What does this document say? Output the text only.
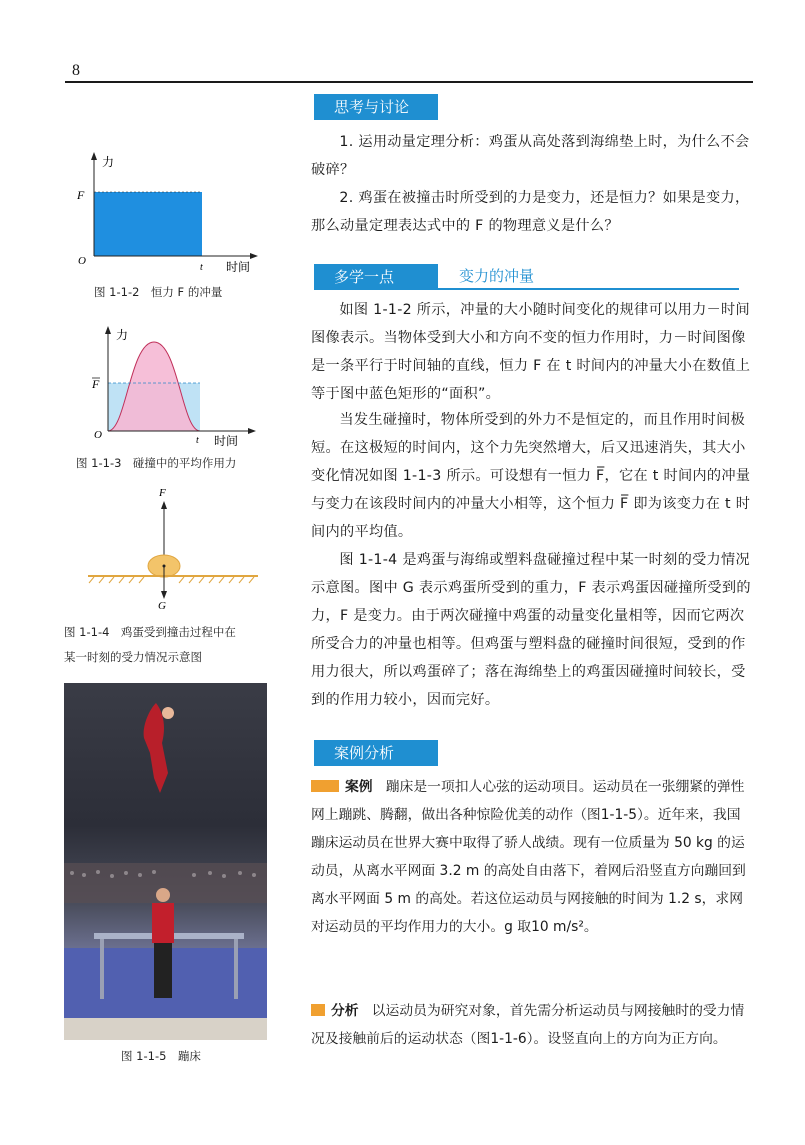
8
力
F
O
t 时间
图 1-1-2　恒力 F 的冲量
力
F
O	t 时间
图 1-1-3　碰撞中的平均作用力
F
G
图 1-1-4　鸡蛋受到撞击过程中在
某一时刻的受力情况示意图
图 1-1-5　蹦床
思考与讨论

1. 运用动量定理分析：鸡蛋从高处落到海绵垫上时，为什么不会破碎？

2. 鸡蛋在被撞击时所受到的力是变力，还是恒力？如果是变力，那么动量定理表达式中的 F 的物理意义是什么？

多学一点	变力的冲量

如图 1-1-2 所示，冲量的大小随时间变化的规律可以用力－时间图像表示。当物体受到大小和方向不变的恒力作用时，力－时间图像是一条平行于时间轴的直线，恒力 F 在 t 时间内的冲量大小在数值上等于图中蓝色矩形的“面积”。

当发生碰撞时，物体所受到的外力不是恒定的，而且作用时间极短。在这极短的时间内，这个力先突然增大，后又迅速消失，其大小变化情况如图 1-1-3 所示。可设想有一恒力 F̅，它在 t 时间内的冲量与变力在该段时间内的冲量大小相等，这个恒力 F̅ 即为该变力在 t 时间内的平均值。

图 1-1-4 是鸡蛋与海绵或塑料盘碰撞过程中某一时刻的受力情况示意图。图中 G 表示鸡蛋所受到的重力，F 表示鸡蛋因碰撞所受到的力，F 是变力。由于两次碰撞中鸡蛋的动量变化量相等，因而它两次所受合力的冲量也相等。但鸡蛋与塑料盘的碰撞时间很短，受到的作用力很大，所以鸡蛋碎了；落在海绵垫上的鸡蛋因碰撞时间较长，受到的作用力较小，因而完好。

案例分析
案例 蹦床是一项扣人心弦的运动项目。运动员在一张绷紧的弹性网上蹦跳、腾翻，做出各种惊险优美的动作（图1-1-5）。近年来，我国蹦床运动员在世界大赛中取得了骄人战绩。现有一位质量为 50 kg 的运动员，从离水平网面 3.2 m 的高处自由落下，着网后沿竖直方向蹦回到离水平网面 5 m 的高处。若这位运动员与网接触的时间为 1.2 s，求网对运动员的平均作用力的大小。g 取10 m/s²。
分析 以运动员为研究对象，首先需分析运动员与网接触时的受力情况及接触前后的运动状态（图1-1-6）。设竖直向上的方向为正方向。
